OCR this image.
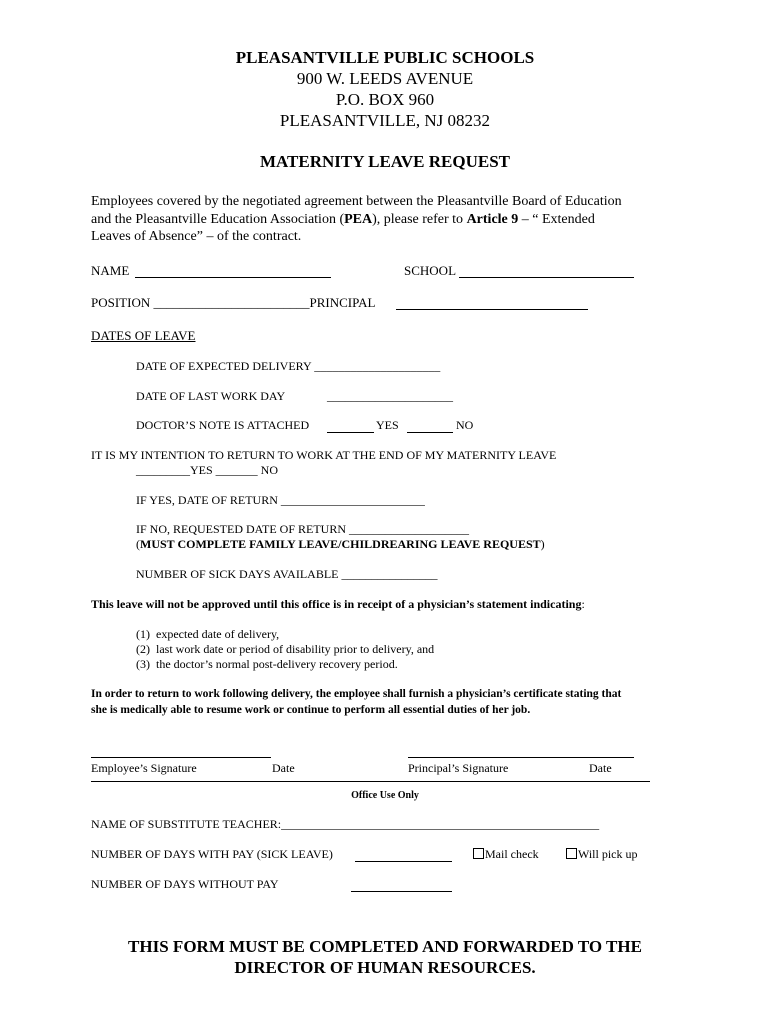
PLEASANTVILLE PUBLIC SCHOOLS
900 W. LEEDS AVENUE
P.O. BOX 960
PLEASANTVILLE, NJ 08232
MATERNITY LEAVE REQUEST
Employees covered by the negotiated agreement between the Pleasantville Board of Education
and the Pleasantville Education Association (PEA), please refer to Article 9 – “ Extended
Leaves of Absence” – of the contract.
NAME	SCHOOL
POSITION ________________________PRINCIPAL
DATES OF LEAVE
DATE OF EXPECTED DELIVERY _____________________
DATE OF LAST WORK DAY	_____________________
DOCTOR’S NOTE IS ATTACHED	YES	NO
IT IS MY INTENTION TO RETURN TO WORK AT THE END OF MY MATERNITY LEAVE
_________YES _______ NO
IF YES, DATE OF RETURN ________________________
IF NO, REQUESTED DATE OF RETURN ____________________
(MUST COMPLETE FAMILY LEAVE/CHILDREARING LEAVE REQUEST)
NUMBER OF SICK DAYS AVAILABLE ________________
This leave will not be approved until this office is in receipt of a physician’s statement indicating:
(1) expected date of delivery,
(2) last work date or period of disability prior to delivery, and
(3) the doctor’s normal post-delivery recovery period.
In order to return to work following delivery, the employee shall furnish a physician’s certificate stating that
she is medically able to resume work or continue to perform all essential duties of her job.
Employee’s Signature	Date	Principal’s Signature	Date
Office Use Only
NAME OF SUBSTITUTE TEACHER:_____________________________________________________
NUMBER OF DAYS WITH PAY (SICK LEAVE)	Mail check	Will pick up
NUMBER OF DAYS WITHOUT PAY
THIS FORM MUST BE COMPLETED AND FORWARDED TO THE
DIRECTOR OF HUMAN RESOURCES.
